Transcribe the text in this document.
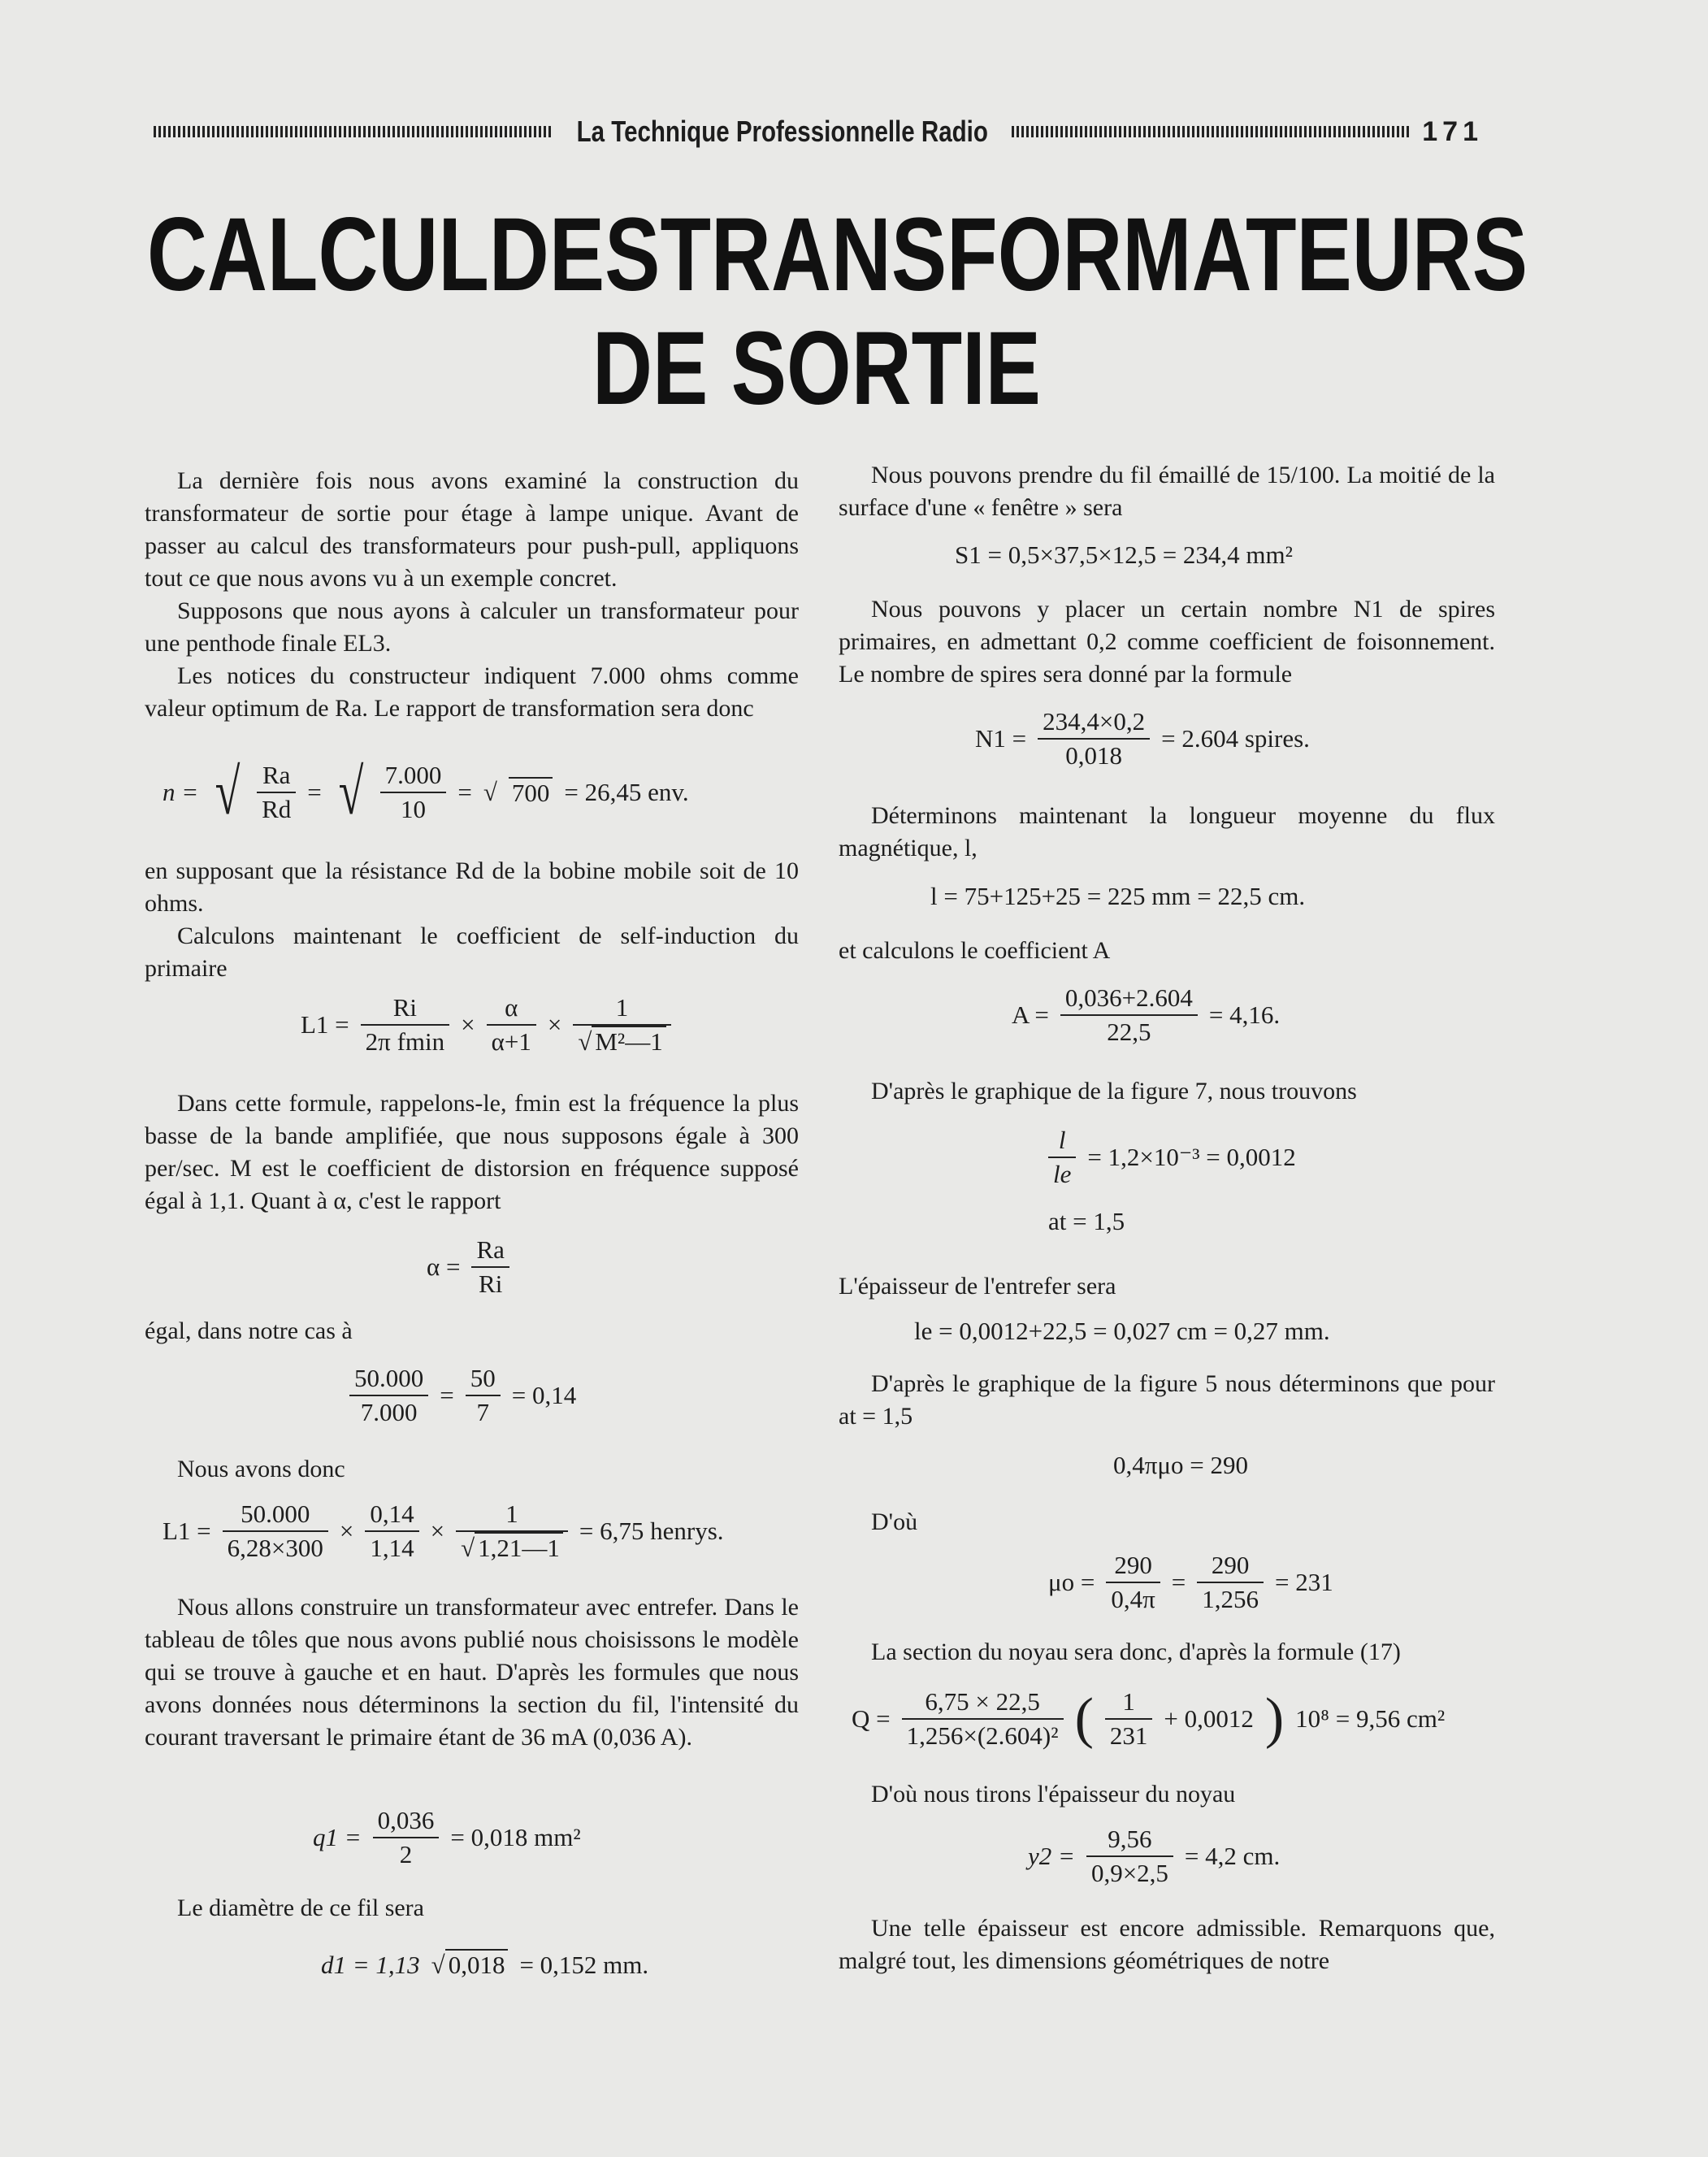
La Technique Professionnelle Radio	171
CALCUL DES TRANSFORMATEURS
DE SORTIE

La dernière fois nous avons examiné la construction du transformateur de sortie pour étage à lampe unique. Avant de passer au calcul des transformateurs pour push-pull, appliquons tout ce que nous avons vu à un exemple concret.

Supposons que nous ayons à calculer un transformateur pour une penthode finale EL3.

Les notices du constructeur indiquent 7.000 ohms comme valeur optimum de Ra. Le rapport de transformation sera donc

n = √ $\frac{Ra}{Rd}$ = √ $\frac{7.000}{10}$ = √ 700 = 26,45 env.

en supposant que la résistance Rd de la bobine mobile soit de 10 ohms.

Calculons maintenant le coefficient de self-induction du primaire

$L1 = \frac{Ri}{\text{2π fmin}} \times \frac{\alpha}{\alpha+1} \times \frac{1}{\text{√ M²—1}}$

Dans cette formule, rappelons-le, fmin est la fréquence la plus basse de la bande amplifiée, que nous supposons égale à 300 per/sec. M est le coefficient de distorsion en fréquence supposé égal à 1,1. Quant à α, c'est le rapport

$\alpha = \frac{Ra}{Ri}$

égal, dans notre cas à

$\frac{50.000}{7.000} = \frac{50}{7} = 0,14$

Nous avons donc

$L1 = \frac{50.000}{6,28\times 300} \times \frac{0,14}{1,14} \times \frac{1}{√ 1,21—1} = 6,75$ henrys.

Nous allons construire un transformateur avec entrefer. Dans le tableau de tôles que nous avons publié nous choisissons le modèle qui se trouve à gauche et en haut. D'après les formules que nous avons données nous déterminons la section du fil, l'intensité du courant traversant le primaire étant de 36 mA (0,036 A).

$q1 = \frac{0,036}{2} = 0,018$ mm²

Le diamètre de ce fil sera

d1 = 1,13 √ 0,018 = 0,152 mm.

Nous pouvons prendre du fil émaillé de 15/100. La moitié de la surface d'une « fenêtre » sera

S1 = 0,5×37,5×12,5 = 234,4 mm²

Nous pouvons y placer un certain nombre N1 de spires primaires, en admettant 0,2 comme coefficient de foisonnement. Le nombre de spires sera donné par la formule

$N1 = \frac{234,4\times 0,2}{0,018} = 2.604$ spires.

Déterminons maintenant la longueur moyenne du flux magnétique, l,

l = 75+125+25 = 225 mm = 22,5 cm.

et calculons le coefficient A

$A = \frac{0,036+2.604}{22,5} = 4,16$.

D'après le graphique de la figure 7, nous trouvons

$\frac{l}{le} = 1,2\times 10^{-3} = 0,0012$
at = 1,5

L'épaisseur de l'entrefer sera

le = 0,0012+22,5 = 0,027 cm = 0,27 mm.

D'après le graphique de la figure 5 nous déterminons que pour at = 1,5

0,4πμo = 290

D'où

$\mu o = \frac{290}{0,4\pi} = \frac{290}{1,256} = 231$

La section du noyau sera donc, d'après la formule (17)

$Q = \frac{6,75 \times 22,5}{\text{1,256×(2.604)²}}$ ( $\frac{1}{231} + 0,0012$ ) 10⁸ = 9,56 cm²

D'où nous tirons l'épaisseur du noyau

$y2 = \frac{9,56}{0,9\times 2,5} = 4,2$ cm.

Une telle épaisseur est encore admissible. Remarquons que, malgré tout, les dimensions géométriques de notre
